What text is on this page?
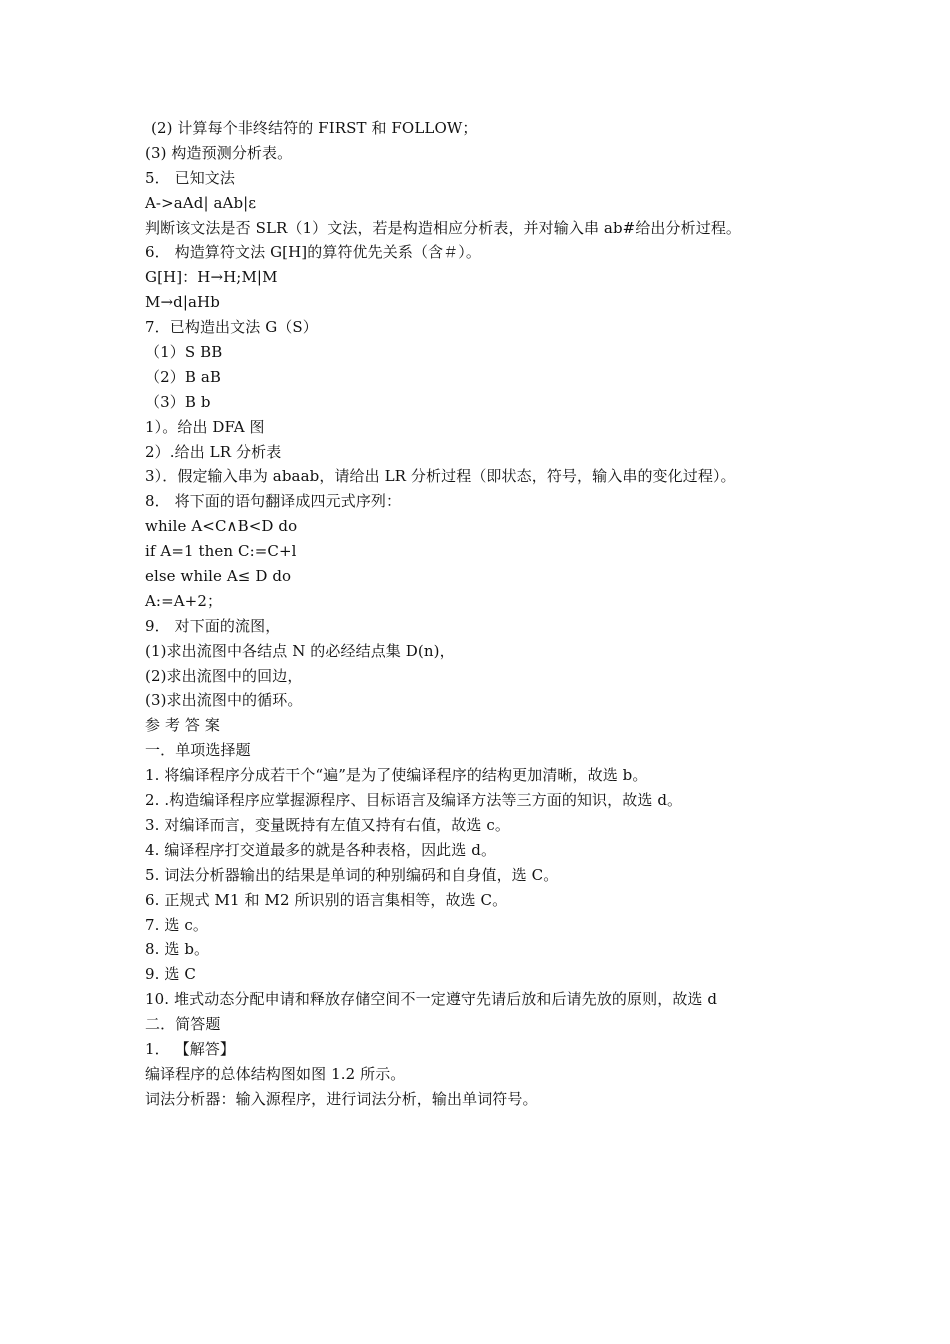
(2) 计算每个非终结符的 FIRST 和 FOLLOW；
(3) 构造预测分析表。
5． 已知文法
A->aAd| aAb|ε
判断该文法是否 SLR（1）文法，若是构造相应分析表，并对输入串 ab#给出分析过程。
6． 构造算符文法 G[H]的算符优先关系（含＃）。
G[H]：H→H;M|M
M→d|aHb
7．已构造出文法 G（S）
（1）S BB
（2）B aB
（3）B b
1）。给出 DFA 图
2）.给出 LR 分析表
3）．假定输入串为 abaab，请给出 LR 分析过程（即状态，符号，输入串的变化过程）。
8． 将下面的语句翻译成四元式序列：
while A<C∧B<D do
if A=1 then C:=C+l
else while A≤ D do
A:=A+2；
9． 对下面的流图，
(1)求出流图中各结点 N 的必经结点集 D(n)，
(2)求出流图中的回边，
(3)求出流图中的循环。
参 考 答 案
一．单项选择题
1. 将编译程序分成若干个“遍”是为了使编译程序的结构更加清晰，故选 b。
2. .构造编译程序应掌握源程序、目标语言及编译方法等三方面的知识，故选 d。
3. 对编译而言，变量既持有左值又持有右值，故选 c。
4. 编译程序打交道最多的就是各种表格，因此选 d。
5. 词法分析器输出的结果是单词的种别编码和自身值，选 C。
6. 正规式 M1 和 M2 所识别的语言集相等，故选 C。
7. 选 c。
8. 选 b。
9. 选 C
10. 堆式动态分配申请和释放存储空间不一定遵守先请后放和后请先放的原则，故选 d
二．简答题
1． 【解答】
编译程序的总体结构图如图 1.2 所示。
词法分析器：输入源程序，进行词法分析，输出单词符号。
